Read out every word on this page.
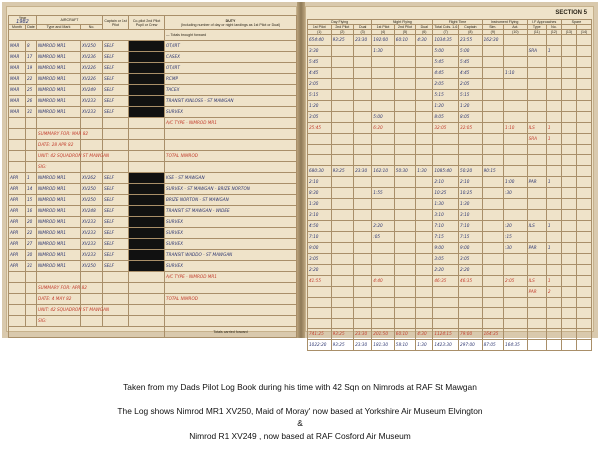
Year
1982		AIRCRAFT		Captain or 1st Pilot	Co-pilot 2nd Pilot Pupil or Crew	DUTY
(Including number of day or night landings as 1st Pilot or Dual)
Month	Date	Type and Mark	No.			
						— Totals brought forward
MAR	8	NIMROD MR1	XV250	SELF		OT/IRT
MAR	17	NIMROD MR1	XV236	SELF		CASEX
MAR	19	NIMROD MR1	XV226	SELF		OT/IRT
MAR	22	NIMROD MR1	XV226	SELF		RCMP
MAR	25	NIMROD MR1	XV249	SELF		TACEX
MAR	26	NIMROD MR1	XV233	SELF		TRANSIT KINLOSS - ST MAWGAN
MAR	31	NIMROD MR1	XV233	SELF		SURVEX
						A/C TYPE - NIMROD MR1
		SUMMARY FOR: MAR 82				
		DATE: 28 APR 82				
		UNIT: 42 SQUADRON ST MAWGAN				TOTAL NIMROD
		SIG:				
APR	1	NIMROD MR1	XV262	SELF		KSE - ST MAWGAN
APR	14	NIMROD MR1	XV250	SELF		SURVEX - ST MAWGAN - BRIZE NORTON
APR	15	NIMROD MR1	XV250	SELF		BRIZE NORTON - ST MAWGAN
APR	16	NIMROD MR1	XV248	SELF		TRANSIT ST MAWGAN - WIDEE
APR	20	NIMROD MR1	XV233	SELF		SURVEX
APR	22	NIMROD MR1	XV233	SELF		SURVEX
APR	27	NIMROD MR1	XV233	SELF		SURVEX
APR	30	NIMROD MR1	XV233	SELF		TRANSIT WADDO - ST MAWGAN
APR	31	NIMROD MR1	XV250	SELF		SURVEX
						A/C TYPE - NIMROD MR1
		SUMMARY FOR: APR 82				
		DATE: 4 MAY 82				TOTAL NIMROD
		UNIT: 42 SQUADRON ST MAWGAN				
		SIG:				
						Totals carried forward
SECTION 5
Day Flying			Night Flying			Flight Time		Instrument Flying		I.F Approaches		Spare	
1st Pilot	2nd Pilot	Dual	1st Pilot	2nd Pilot	Dual	Total Cols. 1-6	Captain	Sim.	Act.	Type	No.		
(1)	(2)	(3)	(4)	(5)	(6)	(7)	(8)	(9)	(10)	(11)	(12)	(13)	(14)
654:40	93:25	23:30	192:00	60:10	4:30	1034:35	23:55	162:30					
3:30			1:30			5:00	5:00			SRA	1		
5:45						5:45	5:45						
4:45						4:45	4:45		1:10				
2:05						2:05	2:05						
5:15						5:15	5:15						
1:20						1:20	1:20						
3:05			5:00			8:05	8:05						
25:45			6:20			32:05	32:05		1:10	ILS	1		
										SRA	1		

680:30	93:25	23:30	162:10	50:30	1:30	1085:40	50:20	90:15					
2:10						2:10	2:10		1:00	PAR	1		
8:30			1:55			10:25	10:25		:30				
1:30						1:30	1:30						
3:10						3:10	3:10						
4:50			2:20			7:10	7:10		:20	ILS	1		
7:10			:05			7:15	7:15		:15				
9:00						9:00	9:00		:30	PAR	1		
3:05						3:05	3:05						
2:20						2:20	2:20						
41:55			4:40			46:35	46:35		2:05	ILS	1		
										PAR	2		

741:25	93:25	23:30	201:50	60:10	4:30	1124:15	79:00	164:35					
1022:20	93:25	23:30	181:30	58:10	1:30	1423:30	297:00	87:05	164:35				
Taken from my Dads Pilot Log Book during his time with 42 Sqn on Nimrods at RAF St Mawgan
The Log shows Nimrod MR1 XV250, Maid of Moray' now based at Yorkshire Air Museum Elvington
&
Nimrod R1 XV249 , now based at RAF Cosford Air Museum
